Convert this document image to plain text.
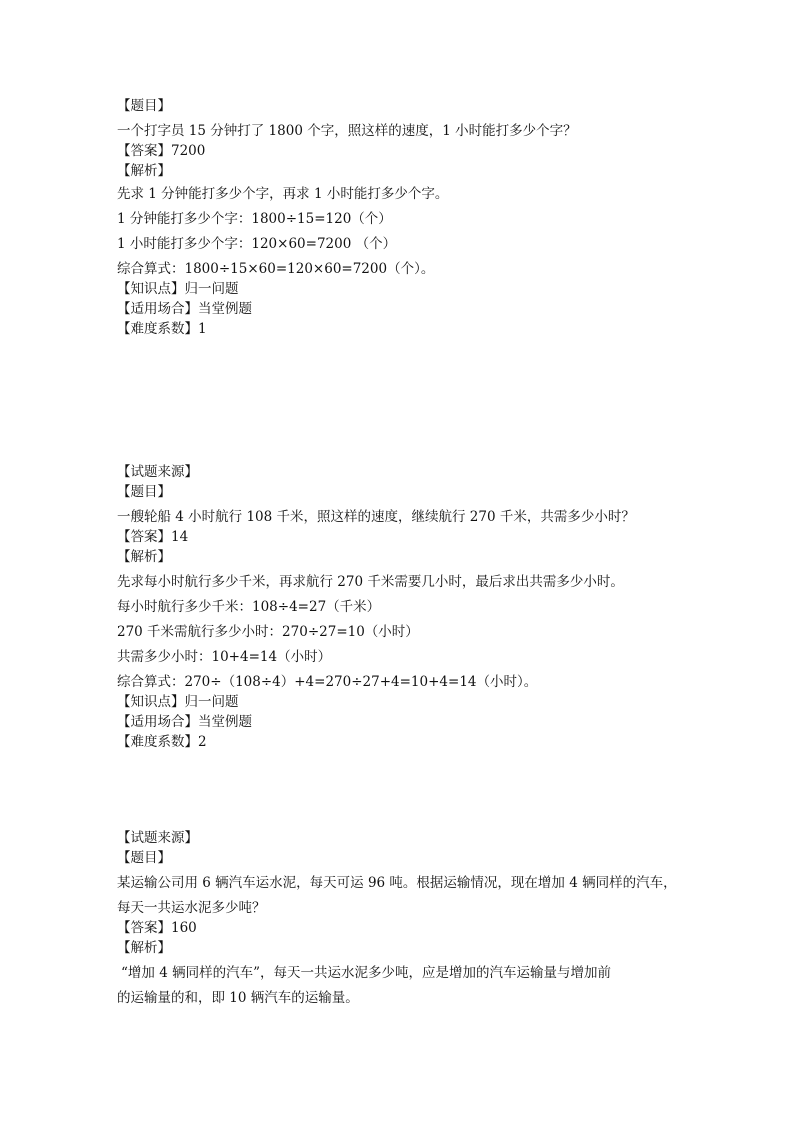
【题目】
一个打字员 15 分钟打了 1800 个字，照这样的速度，1 小时能打多少个字？
【答案】7200
【解析】
先求 1 分钟能打多少个字，再求 1 小时能打多少个字。
1 分钟能打多少个字：1800÷15=120（个）
1 小时能打多少个字：120×60=7200 （个）
综合算式：1800÷15×60=120×60=7200（个）。
【知识点】归一问题
【适用场合】当堂例题
【难度系数】1
【试题来源】
【题目】
一艘轮船 4 小时航行 108 千米，照这样的速度，继续航行 270 千米，共需多少小时？
【答案】14
【解析】
先求每小时航行多少千米，再求航行 270 千米需要几小时，最后求出共需多少小时。
每小时航行多少千米：108÷4=27（千米）
270 千米需航行多少小时：270÷27=10（小时）
共需多少小时：10+4=14（小时）
综合算式：270÷（108÷4）+4=270÷27+4=10+4=14（小时）。
【知识点】归一问题
【适用场合】当堂例题
【难度系数】2
【试题来源】
【题目】
某运输公司用 6 辆汽车运水泥，每天可运 96 吨。根据运输情况，现在增加 4 辆同样的汽车，
每天一共运水泥多少吨？
【答案】160
【解析】
“增加 4 辆同样的汽车”，每天一共运水泥多少吨，应是增加的汽车运输量与增加前
的运输量的和，即 10 辆汽车的运输量。
